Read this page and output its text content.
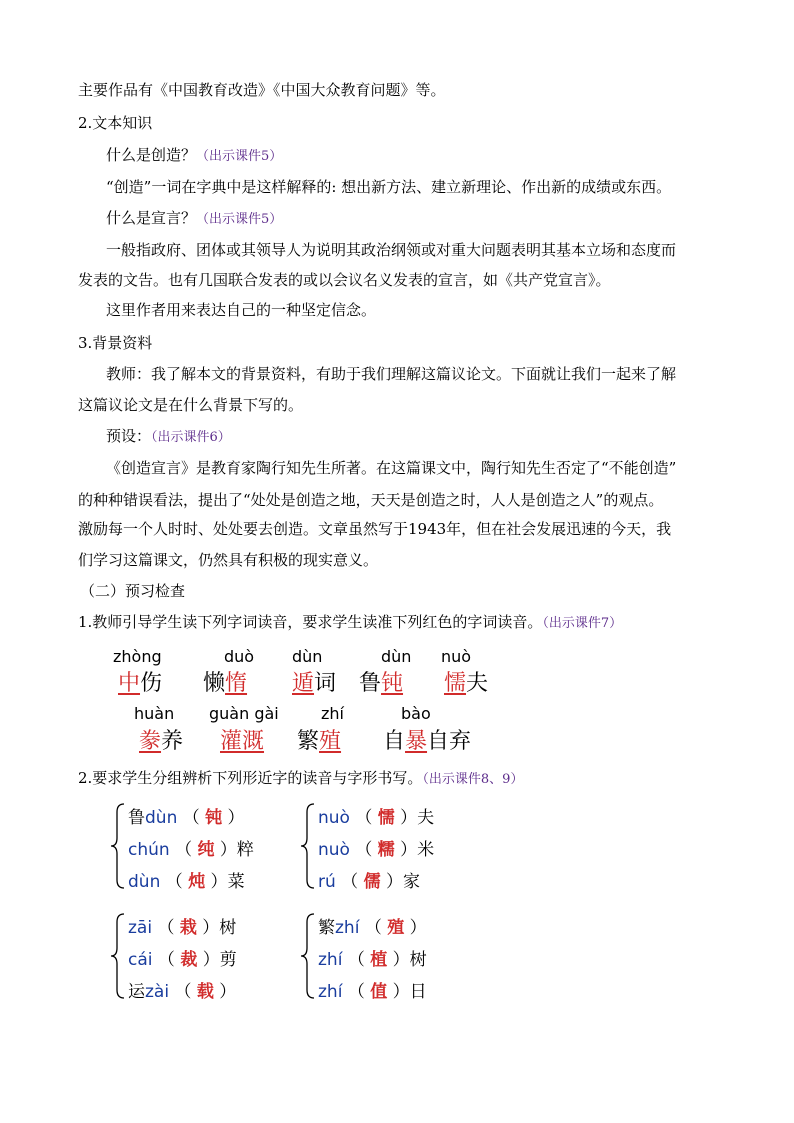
主要作品有《中国教育改造》《中国大众教育问题》等。
2.文本知识
什么是创造？（出示课件5）
“创造”一词在字典中是这样解释的: 想出新方法、建立新理论、作出新的成绩或东西。
什么是宣言？（出示课件5）
一般指政府、团体或其领导人为说明其政治纲领或对重大问题表明其基本立场和态度而
发表的文告。也有几国联合发表的或以会议名义发表的宣言，如《共产党宣言》。
这里作者用来表达自己的一种坚定信念。
3.背景资料
教师：我了解本文的背景资料，有助于我们理解这篇议论文。下面就让我们一起来了解
这篇议论文是在什么背景下写的。
预设：（出示课件6）
《创造宣言》是教育家陶行知先生所著。在这篇课文中，陶行知先生否定了“不能创造”
的种种错误看法，提出了“处处是创造之地，天天是创造之时，人人是创造之人”的观点。
激励每一个人时时、处处要去创造。文章虽然写于1943年，但在社会发展迅速的今天，我
们学习这篇课文，仍然具有积极的现实意义。
（二）预习检查
1.教师引导学生读下列字词读音，要求学生读准下列红色的字词读音。（出示课件7）
zhòng
中伤
duò
懒惰
dùn
遁词
dùn
鲁钝
nuò
懦夫
huàn
豢养
guàn gài
灌溉
zhí
繁殖
bào
自暴自弃
2.要求学生分组辨析下列形近字的读音与字形书写。（出示课件8、9）
鲁dùn （ 钝 ）
chún （ 纯 ）粹
dùn （ 炖 ）菜
nuò （ 懦 ）夫
nuò （ 糯 ）米
rú （ 儒 ）家
zāi （ 栽 ）树
cái （ 裁 ）剪
运zài （ 载 ）
繁zhí （ 殖 ）
zhí （ 植 ）树
zhí （ 值 ）日
